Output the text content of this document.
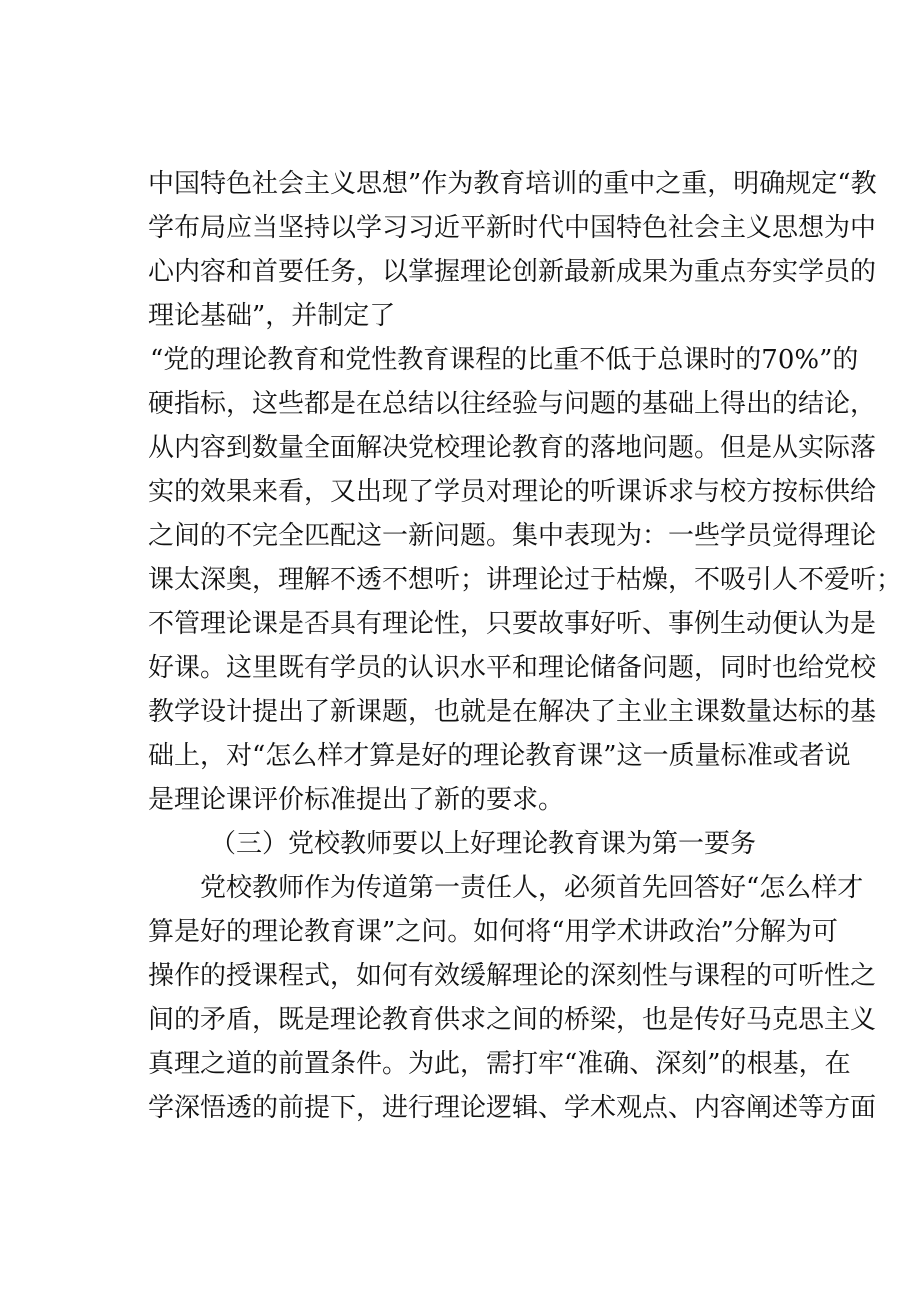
中国特色社会主义思想”作为教育培训的重中之重，明确规定“教
学布局应当坚持以学习习近平新时代中国特色社会主义思想为中
心内容和首要任务，以掌握理论创新最新成果为重点夯实学员的
理论基础”，并制定了
“党的理论教育和党性教育课程的比重不低于总课时的70%”的
硬指标，这些都是在总结以往经验与问题的基础上得出的结论，
从内容到数量全面解决党校理论教育的落地问题。但是从实际落
实的效果来看，又出现了学员对理论的听课诉求与校方按标供给
之间的不完全匹配这一新问题。集中表现为：一些学员觉得理论
课太深奥，理解不透不想听；讲理论过于枯燥，不吸引人不爱听；
不管理论课是否具有理论性，只要故事好听、事例生动便认为是
好课。这里既有学员的认识水平和理论储备问题，同时也给党校
教学设计提出了新课题，也就是在解决了主业主课数量达标的基
础上，对“怎么样才算是好的理论教育课”这一质量标准或者说
是理论课评价标准提出了新的要求。
（三）党校教师要以上好理论教育课为第一要务
党校教师作为传道第一责任人，必须首先回答好“怎么样才
算是好的理论教育课”之问。如何将“用学术讲政治”分解为可
操作的授课程式，如何有效缓解理论的深刻性与课程的可听性之
间的矛盾，既是理论教育供求之间的桥梁，也是传好马克思主义
真理之道的前置条件。为此，需打牢“准确、深刻”的根基，在
学深悟透的前提下，进行理论逻辑、学术观点、内容阐述等方面
